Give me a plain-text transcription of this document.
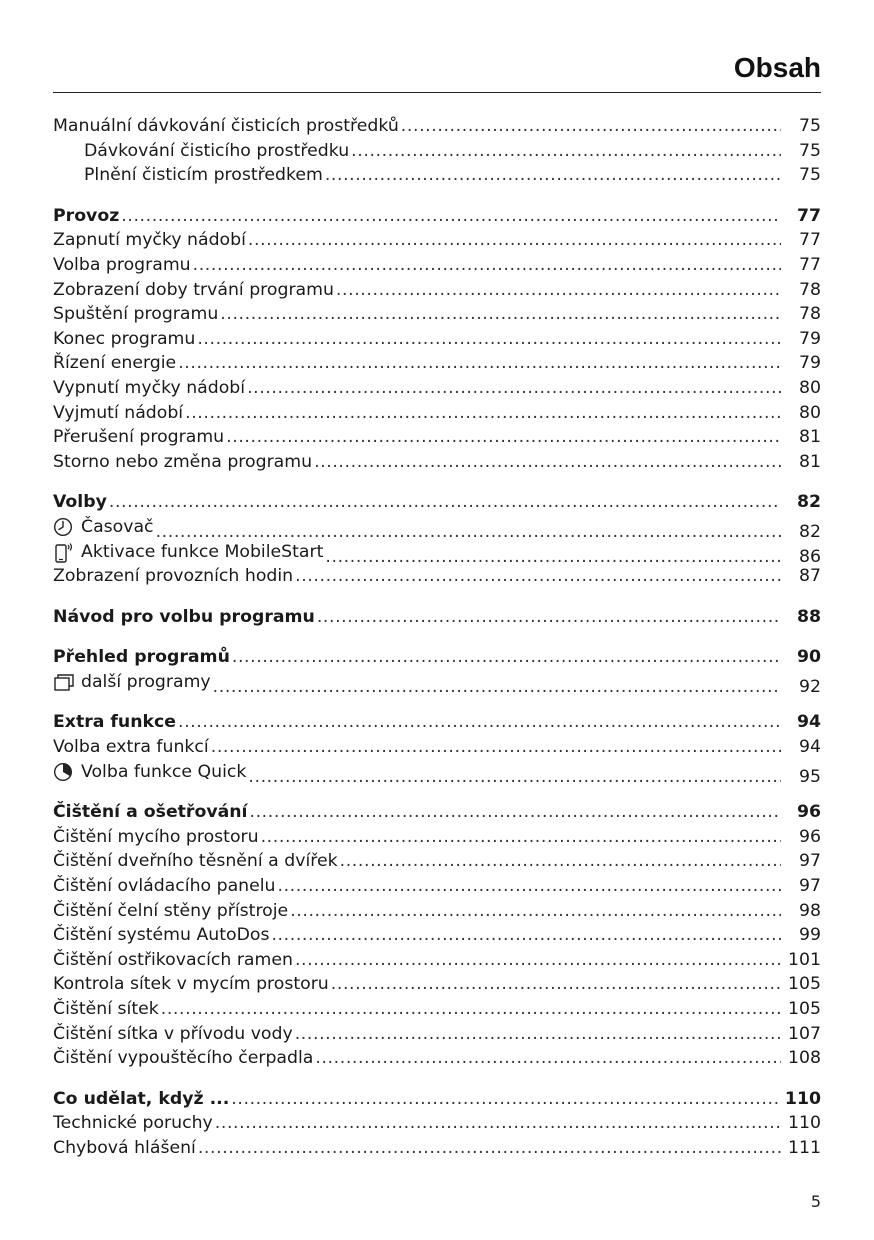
Obsah
Manuální dávkování čisticích prostředků .....	75
Dávkování čisticího prostředku .....	75
Plnění čisticím prostředkem .....	75
Provoz .....	77
Zapnutí myčky nádobí .....	77
Volba programu .....	77
Zobrazení doby trvání programu .....	78
Spuštění programu .....	78
Konec programu .....	79
Řízení energie .....	79
Vypnutí myčky nádobí .....	80
Vyjmutí nádobí .....	80
Přerušení programu .....	81
Storno nebo změna programu .....	81
Volby .....	82
Časovač .....	82
Aktivace funkce MobileStart .....	86
Zobrazení provozních hodin .....	87
Návod pro volbu programu .....	88
Přehled programů .....	90
další programy .....	92
Extra funkce .....	94
Volba extra funkcí .....	94
Volba funkce Quick .....	95
Čištění a ošetřování .....	96
Čištění mycího prostoru .....	96
Čištění dveřního těsnění a dvířek .....	97
Čištění ovládacího panelu .....	97
Čištění čelní stěny přístroje .....	98
Čištění systému AutoDos .....	99
Čištění ostřikovacích ramen .....	101
Kontrola sítek v mycím prostoru .....	105
Čištění sítek .....	105
Čištění sítka v přívodu vody .....	107
Čištění vypouštěcího čerpadla .....	108
Co udělat, když ... .....	110
Technické poruchy .....	110
Chybová hlášení .....	111
5
